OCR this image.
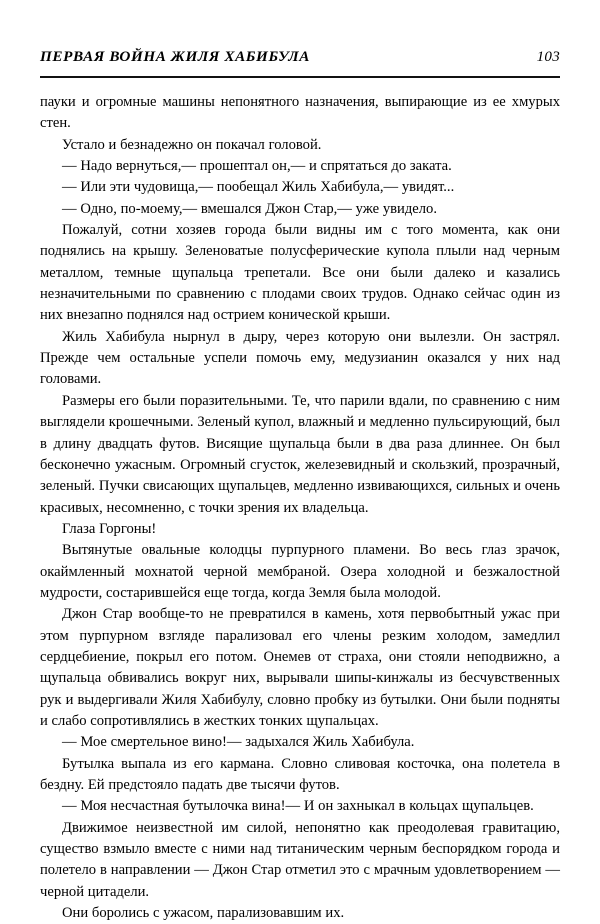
ПЕРВАЯ ВОЙНА ЖИЛЯ ХАБИБУЛА	103

пауки и огромные машины непонятного назначения, выпирающие из ее хмурых стен.

Устало и безнадежно он покачал головой.

— Надо вернуться,— прошептал он,— и спрятаться до заката.

— Или эти чудовища,— пообещал Жиль Хабибула,— увидят...

— Одно, по-моему,— вмешался Джон Стар,— уже увидело.

Пожалуй, сотни хозяев города были видны им с того момента, как они поднялись на крышу. Зеленоватые полусферические купола плыли над черным металлом, темные щупальца трепетали. Все они были далеко и казались незначительными по сравнению с плодами своих трудов. Однако сейчас один из них внезапно поднялся над острием конической крыши.

Жиль Хабибула нырнул в дыру, через которую они вылезли. Он застрял. Прежде чем остальные успели помочь ему, медузианин оказался у них над головами.

Размеры его были поразительными. Те, что парили вдали, по сравнению с ним выглядели крошечными. Зеленый купол, влажный и медленно пульсирующий, был в длину двадцать футов. Висящие щупальца были в два раза длиннее. Он был бесконечно ужасным. Огромный сгусток, железевидный и скользкий, прозрачный, зеленый. Пучки свисающих щупальцев, медленно извивающихся, сильных и очень красивых, несомненно, с точки зрения их владельца.

Глаза Горгоны!

Вытянутые овальные колодцы пурпурного пламени. Во весь глаз зрачок, окаймленный мохнатой черной мембраной. Озера холодной и безжалостной мудрости, состарившейся еще тогда, когда Земля была молодой.

Джон Стар вообще-то не превратился в камень, хотя первобытный ужас при этом пурпурном взгляде парализовал его члены резким холодом, замедлил сердцебиение, покрыл его потом. Онемев от страха, они стояли неподвижно, а щупальца обвивались вокруг них, вырывали шипы-кинжалы из бесчувственных рук и выдергивали Жиля Хабибулу, словно пробку из бутылки. Они были подняты и слабо сопротивлялись в жестких тонких щупальцах.

— Мое смертельное вино!— задыхался Жиль Хабибула.

Бутылка выпала из его кармана. Словно сливовая косточка, она полетела в бездну. Ей предстояло падать две тысячи футов.

— Моя несчастная бутылочка вина!— И он захныкал в кольцах щупальцев.

Движимое неизвестной им силой, непонятно как преодолевая гравитацию, существо взмыло вместе с ними над титаническим черным беспорядком города и полетело в направлении — Джон Стар отметил это с мрачным удовлетворением — черной цитадели.

Они боролись с ужасом, парализовавшим их.
